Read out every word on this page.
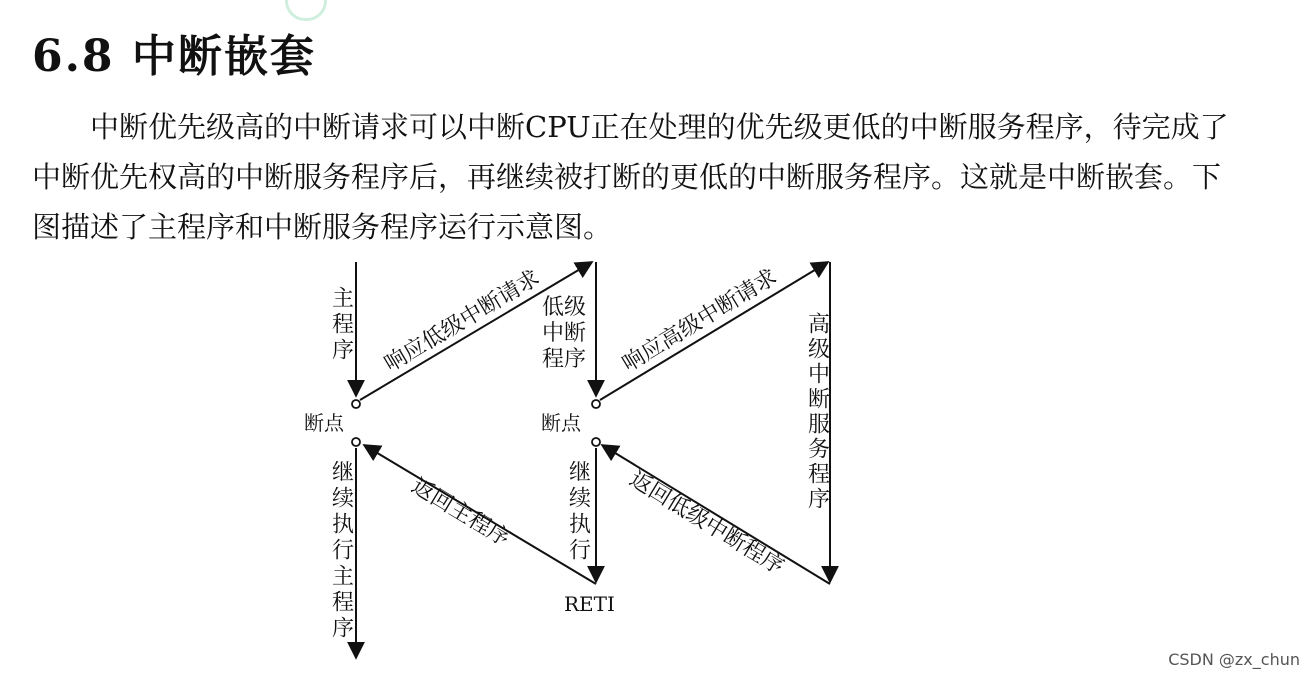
6.8 中断嵌套
中断优先级高的中断请求可以中断CPU正在处理的优先级更低的中断服务程序，待完成了
中断优先权高的中断服务程序后，再继续被打断的更低的中断服务程序。这就是中断嵌套。下
图描述了主程序和中断服务程序运行示意图。
断点	断点
RETI
主程序
继续执行主程序	继续执行	高级中断服务程序
低级
中断
程序
响应低级中断请求	响应高级中断请求
返回主程序	返回低级中断程序
CSDN @zx_chun
